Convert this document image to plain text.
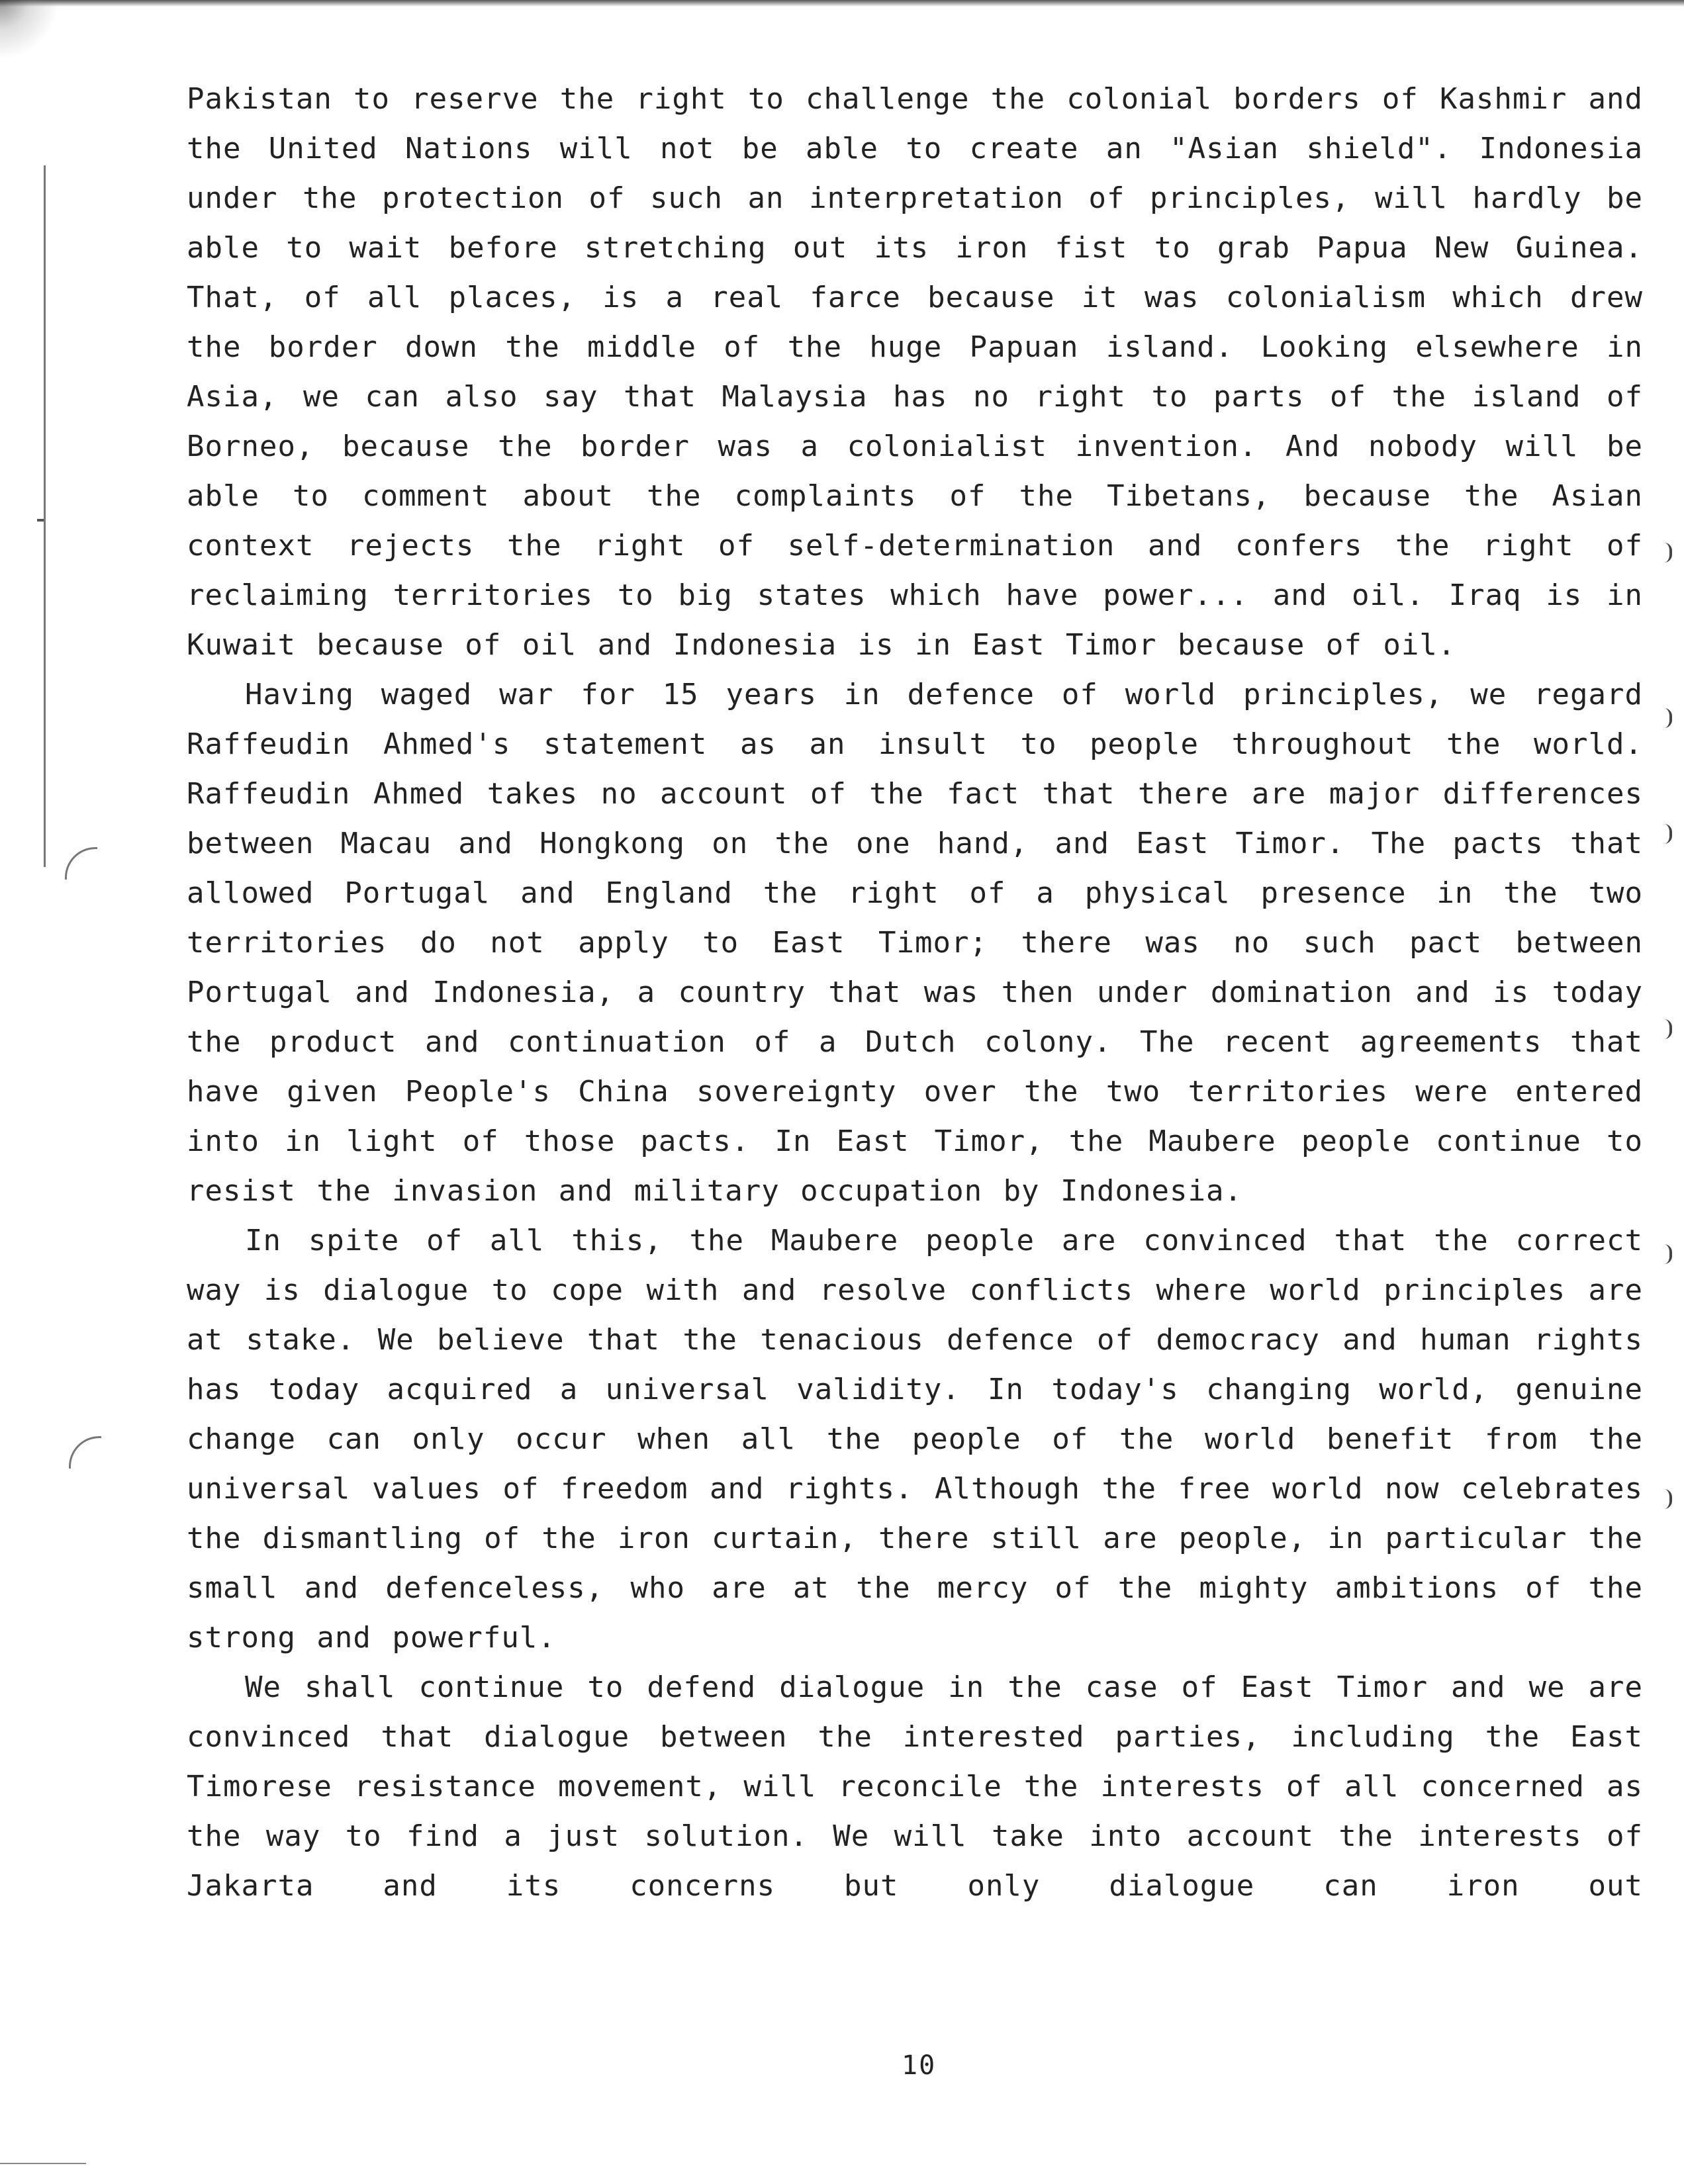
Pakistan to reserve the right to challenge the colonial borders of Kashmir and the United Nations will not be able to create an "Asian shield". Indonesia under the protection of such an interpretation of principles, will hardly be able to wait before stretching out its iron fist to grab Papua New Guinea. That, of all places, is a real farce because it was colonialism which drew the border down the middle of the huge Papuan island. Looking elsewhere in Asia, we can also say that Malaysia has no right to parts of the island of Borneo, because the border was a colonialist invention. And nobody will be able to comment about the complaints of the Tibetans, because the Asian context rejects the right of self-determination and confers the right of reclaiming territories to big states which have power... and oil. Iraq is in Kuwait because of oil and Indonesia is in East Timor because of oil.

Having waged war for 15 years in defence of world principles, we regard Raffeudin Ahmed's statement as an insult to people throughout the world. Raffeudin Ahmed takes no account of the fact that there are major differences between Macau and Hongkong on the one hand, and East Timor. The pacts that allowed Portugal and England the right of a physical presence in the two territories do not apply to East Timor; there was no such pact between Portugal and Indonesia, a country that was then under domination and is today the product and continuation of a Dutch colony. The recent agreements that have given People's China sovereignty over the two territories were entered into in light of those pacts. In East Timor, the Maubere people continue to resist the invasion and military occupation by Indonesia.

In spite of all this, the Maubere people are convinced that the correct way is dialogue to cope with and resolve conflicts where world principles are at stake. We believe that the tenacious defence of democracy and human rights has today acquired a universal validity. In today's changing world, genuine change can only occur when all the people of the world benefit from the universal values of freedom and rights. Although the free world now celebrates the dismantling of the iron curtain, there still are people, in particular the small and defenceless, who are at the mercy of the mighty ambitions of the strong and powerful.

We shall continue to defend dialogue in the case of East Timor and we are convinced that dialogue between the interested parties, including the East Timorese resistance movement, will reconcile the interests of all concerned as the way to find a just solution. We will take into account the interests of Jakarta and its concerns but only dialogue can iron out

10
